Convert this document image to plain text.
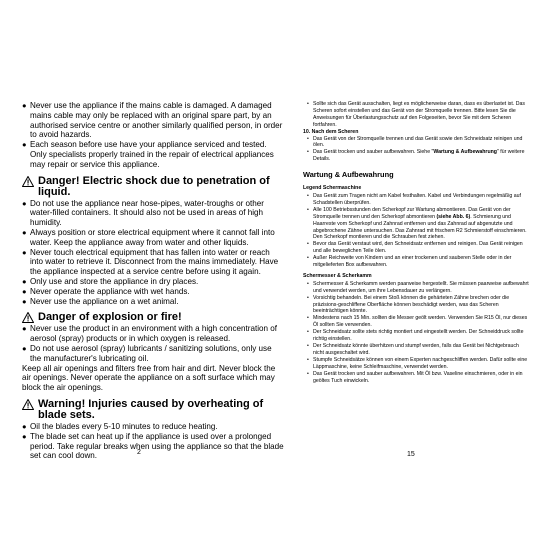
● Never use the appliance if the mains cable is damaged. A damaged mains cable may only be replaced with an original spare part, by an authorised service centre or another similarly qualified person, in order to avoid hazards.

● Each season before use have your appliance serviced and tested. Only specialists properly trained in the repair of electrical appliances may repair or service this appliance.

Danger! Electric shock due to penetration of liquid.

● Do not use the appliance near hose-pipes, water-troughs or other water-filled containers. It should also not be used in areas of high humidity.

● Always position or store electrical equipment where it cannot fall into water. Keep the appliance away from water and other liquids.

● Never touch electrical equipment that has fallen into water or reach into water to retrieve it. Disconnect from the mains immediately. Have the appliance inspected at a service centre before using it again.

● Only use and store the appliance in dry places.

● Never operate the appliance with wet hands.

● Never use the appliance on a wet animal.

Danger of explosion or fire!

● Never use the product in an environment with a high concentration of aerosol (spray) products or in which oxygen is released.

● Do not use aerosol (spray) lubricants / sanitizing solutions, only use the manufacturer's lubricating oil.

Keep all air openings and filters free from hair and dirt. Never block the air openings. Never operate the appliance on a soft surface which may block the air openings.

Warning! Injuries caused by overheating of blade sets.

● Oil the blades every 5-10 minutes to reduce heating.

● The blade set can heat up if the appliance is used over a prolonged period. Take regular breaks when using the appliance so that the blade set can cool down.	2

• Sollte sich das Gerät ausschalten, liegt es möglicherweise daran, dass es überlastet ist. Das Scheren sofort einstellen und das Gerät von der Stromquelle trennen. Bitte lesen Sie die Anweisungen für Überlastungsschutz auf den Folgeseiten, bevor Sie mit dem Scheren fortfahren.

10. Nach dem Scheren

• Das Gerät von der Stromquelle trennen und das Gerät sowie den Schneidsatz reinigen und ölen.

• Das Gerät trocken und sauber aufbewahren. Siehe "Wartung & Aufbewahrung" für weitere Details.

Wartung & Aufbewahrung

Legend Schermaschine

• Das Gerät zum Tragen nicht am Kabel festhalten. Kabel und Verbindungen regelmäßig auf Schadstellen überprüfen.

• Alle 100 Betriebsstunden den Scherkopf zur Wartung abmontieren. Das Gerät von der Stromquelle trennen und den Scherkopf abmontieren (siehe Abb. 6). Schmierung und Haarreste vom Scherkopf und Zahnrad entfernen und das Zahnrad auf abgenutzte und abgebrochene Zähne untersuchen. Das Zahnrad mit frischem R2 Schmierstoff einschmieren. Den Scherkopf montieren und die Schrauben fest ziehen.

• Bevor das Gerät verstaut wird, den Schneidsatz entfernen und reinigen. Das Gerät reinigen und alle beweglichen Teile ölen.

• Außer Reichweite von Kindern und an einer trockenen und sauberen Stelle oder in der mitgelieferten Box aufbewahren.

Schermesser & Scherkamm

• Schermesser & Scherkamm werden paarweise hergestellt. Sie müssen paarweise aufbewahrt und verwendet werden, um ihre Lebensdauer zu verlängern.

• Vorsichtig behandeln. Bei einem Stoß können die gehärteten Zähne brechen oder die präzisions-geschliffene Oberfläche können beschädigt werden, was das Scheren beeinträchtigen könnte.

• Mindestens nach 15 Min. sollten die Messer geölt werden. Verwenden Sie R15 Öl, nur dieses Öl sollten Sie verwenden.

• Der Schneidsatz sollte stets richtig montiert und eingestellt werden. Der Schneiddruck sollte richtig einstellen.

• Der Schneidsatz könnte überhitzen und stumpf werden, falls das Gerät bei Nichtgebrauch nicht ausgeschaltet wird.

• Stumpfe Schneidsätze können von einem Experten nachgeschliffen werden. Dafür sollte eine Läppmaschine, keine Schleifmaschine, verwendet werden.

• Das Gerät trocken und sauber aufbewahren. Mit Öl bzw. Vaseline einschmieren, oder in ein geöltes Tuch einwickeln.

15
